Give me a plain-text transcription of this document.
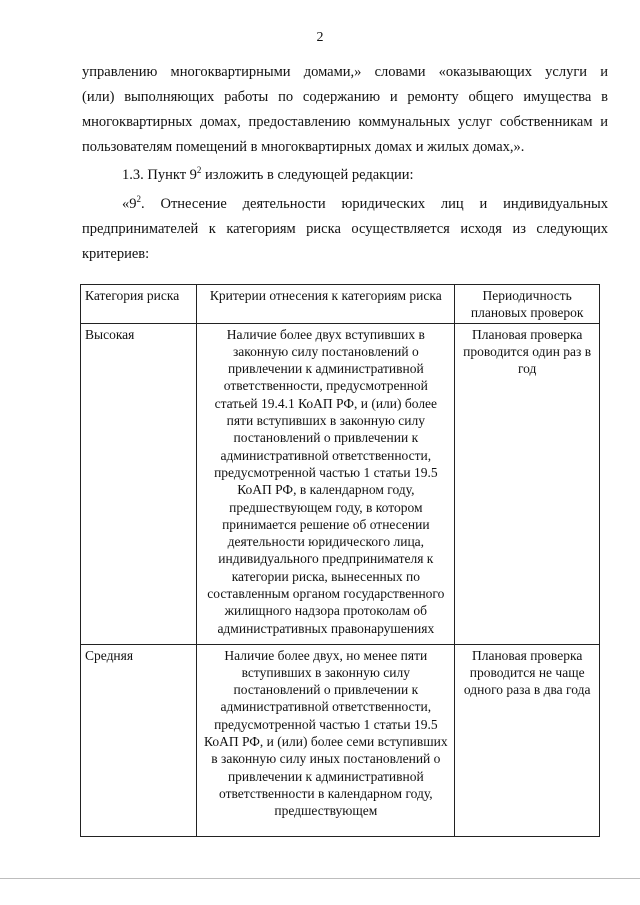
2
управлению многоквартирными домами,» словами «оказывающих услуги и
(или) выполняющих работы по содержанию и ремонту общего имущества в
многоквартирных домах, предоставлению коммунальных услуг собственникам и
пользователям помещений в многоквартирных домах и жилых домах,».
1.3. Пункт $9^2$ изложить в следующей редакции:
«$9^2$. Отнесение деятельности юридических лиц и индивидуальных
предпринимателей к категориям риска осуществляется исходя из следующих
критериев:
Категория риска	Критерии отнесения к категориям риска	Периодичность плановых проверок
Высокая	Наличие более двух вступивших в законную силу постановлений о привлечении к административной ответственности, предусмотренной статьей 19.4.1 КоАП РФ, и (или) более пяти вступивших в законную силу постановлений о привлечении к административной ответственности, предусмотренной частью 1 статьи 19.5 КоАП РФ, в календарном году, предшествующем году, в котором принимается решение об отнесении деятельности юридического лица, индивидуального предпринимателя к категории риска, вынесенных по составленным органом государственного жилищного надзора протоколам об административных правонарушениях	Плановая проверка проводится один раз в год
Средняя	Наличие более двух, но менее пяти вступивших в законную силу постановлений о привлечении к административной ответственности, предусмотренной частью 1 статьи 19.5 КоАП РФ, и (или) более семи вступивших в законную силу иных постановлений о привлечении к административной ответственности в календарном году, предшествующем	Плановая проверка проводится не чаще одного раза в два года
